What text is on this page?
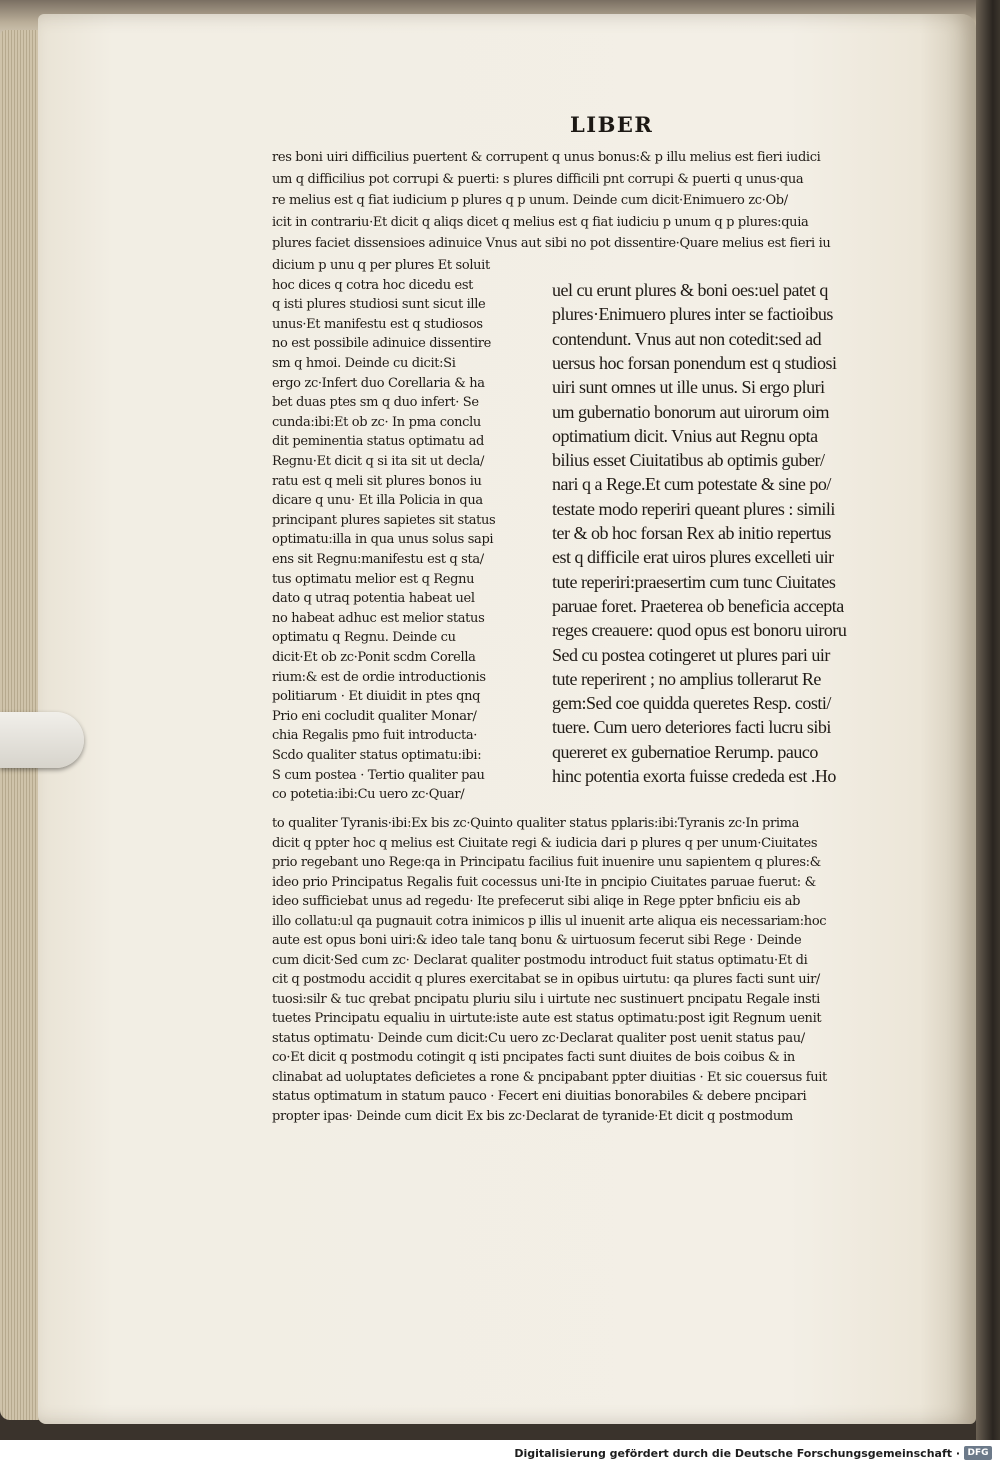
LIBER

res boni uiri difficilius puertent & corrupent q unus bonus:& p illu melius est fieri iudici

um q difficilius pot corrupi & puerti: s plures difficili pnt corrupi & puerti q unus·qua

re melius est q fiat iudicium p plures q p unum. Deinde cum dicit·Enimuero zc·Ob/

icit in contrariu·Et dicit q aliqs dicet q melius est q fiat iudiciu p unum q p plures:quia

plures faciet dissensioes adinuice Vnus aut sibi no pot dissentire·Quare melius est fieri iu

dicium p unu q per plures Et soluit

hoc dices q cotra hoc dicedu est

q isti plures studiosi sunt sicut ille

unus·Et manifestu est q studiosos

no est possibile adinuice dissentire

sm q hmoi. Deinde cu dicit:Si

ergo zc·Infert duo Corellaria & ha

bet duas ptes sm q duo infert· Se

cunda:ibi:Et ob zc· In pma conclu

dit peminentia status optimatu ad

Regnu·Et dicit q si ita sit ut decla/

ratu est q meli sit plures bonos iu

dicare q unu· Et illa Policia in qua

principant plures sapietes sit status

optimatu:illa in qua unus solus sapi

ens sit Regnu:manifestu est q sta/

tus optimatu melior est q Regnu

dato q utraq potentia habeat uel

no habeat adhuc est melior status

optimatu q Regnu. Deinde cu

dicit·Et ob zc·Ponit scdm Corella

rium:& est de ordie introductionis

politiarum · Et diuidit in ptes qnq

Prio eni cocludit qualiter Monar/

chia Regalis pmo fuit introducta·

Scdo qualiter status optimatu:ibi:

S cum postea · Tertio qualiter pau

co potetia:ibi:Cu uero zc·Quar/

uel cu erunt plures & boni oes:uel patet q

plures·Enimuero plures inter se factioibus

contendunt. Vnus aut non cotedit:sed ad

uersus hoc forsan ponendum est q studiosi

uiri sunt omnes ut ille unus. Si ergo pluri

um gubernatio bonorum aut uirorum oim

optimatium dicit. Vnius aut Regnu opta

bilius esset Ciuitatibus ab optimis guber/

nari q a Rege.Et cum potestate & sine po/

testate modo reperiri queant plures : simili

ter & ob hoc forsan Rex ab initio repertus

est q difficile erat uiros plures excelleti uir

tute reperiri:praesertim cum tunc Ciuitates

paruae foret. Praeterea ob beneficia accepta

reges creauere: quod opus est bonoru uiroru

Sed cu postea cotingeret ut plures pari uir

tute reperirent ; no amplius tollerarut Re

gem:Sed coe quidda queretes Resp. costi/

tuere. Cum uero deteriores facti lucru sibi

quereret ex gubernatioe Rerump. pauco

hinc potentia exorta fuisse crededa est .Ho

to qualiter Tyranis·ibi:Ex bis zc·Quinto qualiter status pplaris:ibi:Tyranis zc·In prima

dicit q ppter hoc q melius est Ciuitate regi & iudicia dari p plures q per unum·Ciuitates

prio regebant uno Rege:qa in Principatu facilius fuit inuenire unu sapientem q plures:&

ideo prio Principatus Regalis fuit cocessus uni·Ite in pncipio Ciuitates paruae fuerut: &

ideo sufficiebat unus ad regedu· Ite prefecerut sibi aliqe in Rege ppter bnficiu eis ab

illo collatu:ul qa pugnauit cotra inimicos p illis ul inuenit arte aliqua eis necessariam:hoc

aute est opus boni uiri:& ideo tale tanq bonu & uirtuosum fecerut sibi Rege · Deinde

cum dicit·Sed cum zc· Declarat qualiter postmodu introduct fuit status optimatu·Et di

cit q postmodu accidit q plures exercitabat se in opibus uirtutu: qa plures facti sunt uir/

tuosi:silr & tuc qrebat pncipatu pluriu silu i uirtute nec sustinuert pncipatu Regale insti

tuetes Principatu equaliu in uirtute:iste aute est status optimatu:post igit Regnum uenit

status optimatu· Deinde cum dicit:Cu uero zc·Declarat qualiter post uenit status pau/

co·Et dicit q postmodu cotingit q isti pncipates facti sunt diuites de bois coibus & in

clinabat ad uoluptates deficietes a rone & pncipabant ppter diuitias · Et sic couersus fuit

status optimatum in statum pauco · Fecert eni diuitias bonorabiles & debere pncipari

propter ipas· Deinde cum dicit Ex bis zc·Declarat de tyranide·Et dicit q postmodum

Digitalisierung gefördert durch die Deutsche Forschungsgemeinschaft · DFG
